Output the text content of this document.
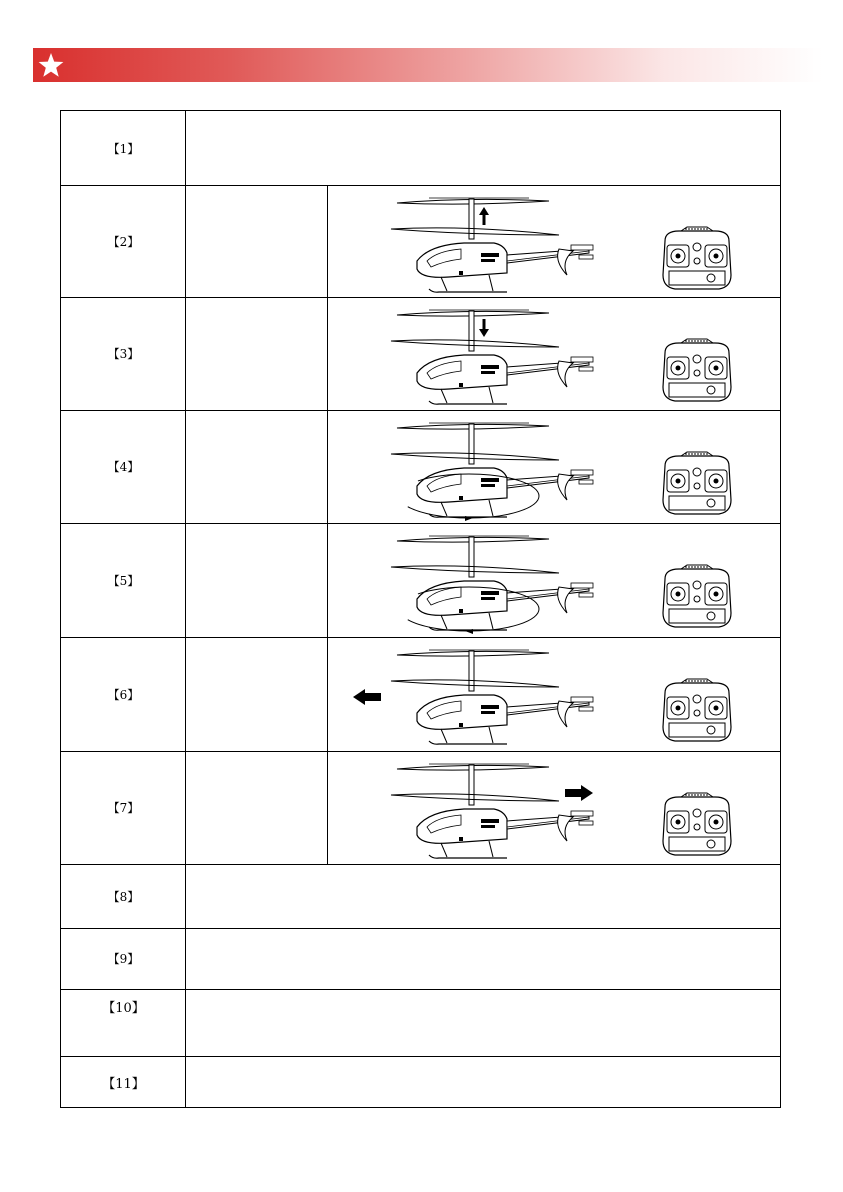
【1】
【2】
【3】
【4】
【5】
【6】
【7】
【8】
【9】
【10】
【11】
